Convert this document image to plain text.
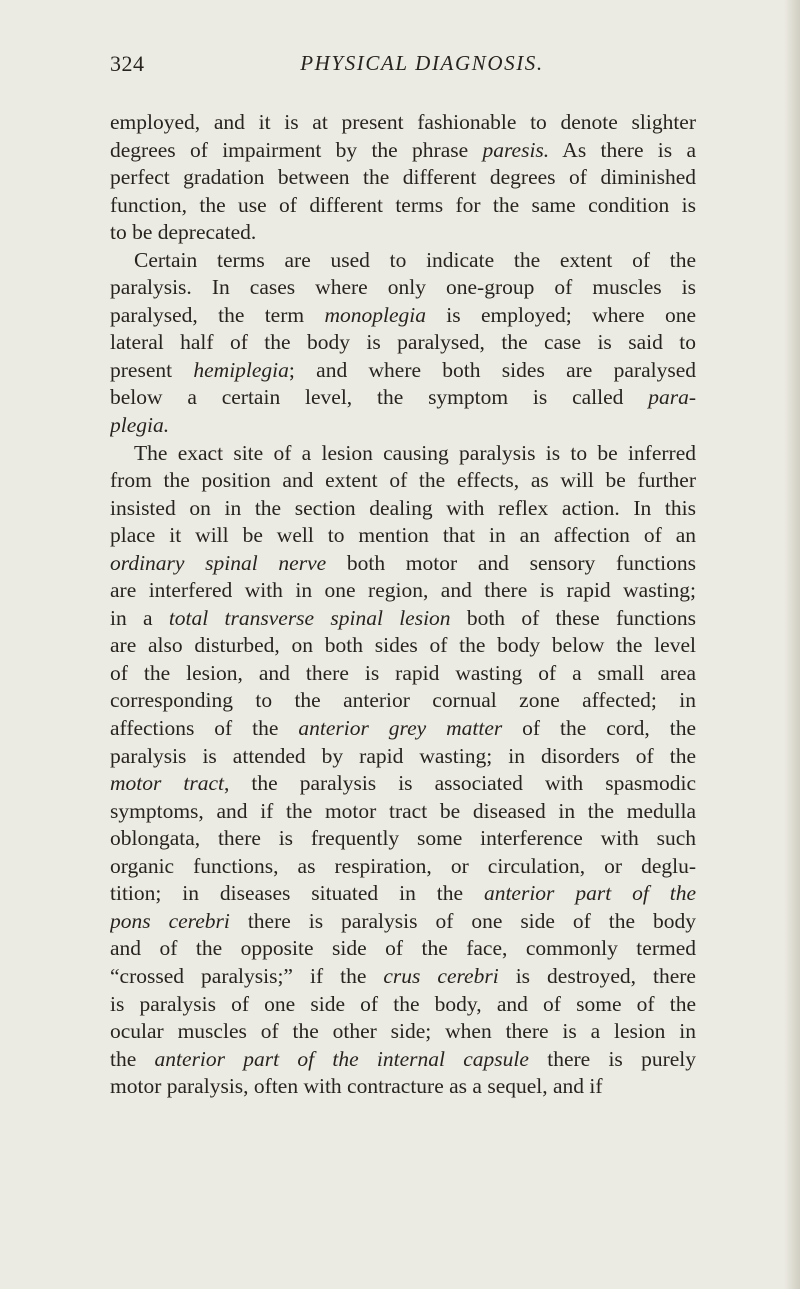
324	PHYSICAL DIAGNOSIS.
employed, and it is at present fashionable to denote slighter
degrees of impairment by the phrase paresis. As there is a
perfect gradation between the different degrees of diminished
function, the use of different terms for the same condition is
to be deprecated.
Certain terms are used to indicate the extent of the
paralysis. In cases where only one-group of muscles is
paralysed, the term monoplegia is employed; where one
lateral half of the body is paralysed, the case is said to
present hemiplegia; and where both sides are paralysed
below a certain level, the symptom is called para-
plegia.
The exact site of a lesion causing paralysis is to be inferred
from the position and extent of the effects, as will be further
insisted on in the section dealing with reflex action. In this
place it will be well to mention that in an affection of an
ordinary spinal nerve both motor and sensory functions
are interfered with in one region, and there is rapid wasting;
in a total transverse spinal lesion both of these functions
are also disturbed, on both sides of the body below the level
of the lesion, and there is rapid wasting of a small area
corresponding to the anterior cornual zone affected; in
affections of the anterior grey matter of the cord, the
paralysis is attended by rapid wasting; in disorders of the
motor tract, the paralysis is associated with spasmodic
symptoms, and if the motor tract be diseased in the medulla
oblongata, there is frequently some interference with such
organic functions, as respiration, or circulation, or deglu-
tition; in diseases situated in the anterior part of the
pons cerebri there is paralysis of one side of the body
and of the opposite side of the face, commonly termed
“crossed paralysis;” if the crus cerebri is destroyed, there
is paralysis of one side of the body, and of some of the
ocular muscles of the other side; when there is a lesion in
the anterior part of the internal capsule there is purely
motor paralysis, often with contracture as a sequel, and if
